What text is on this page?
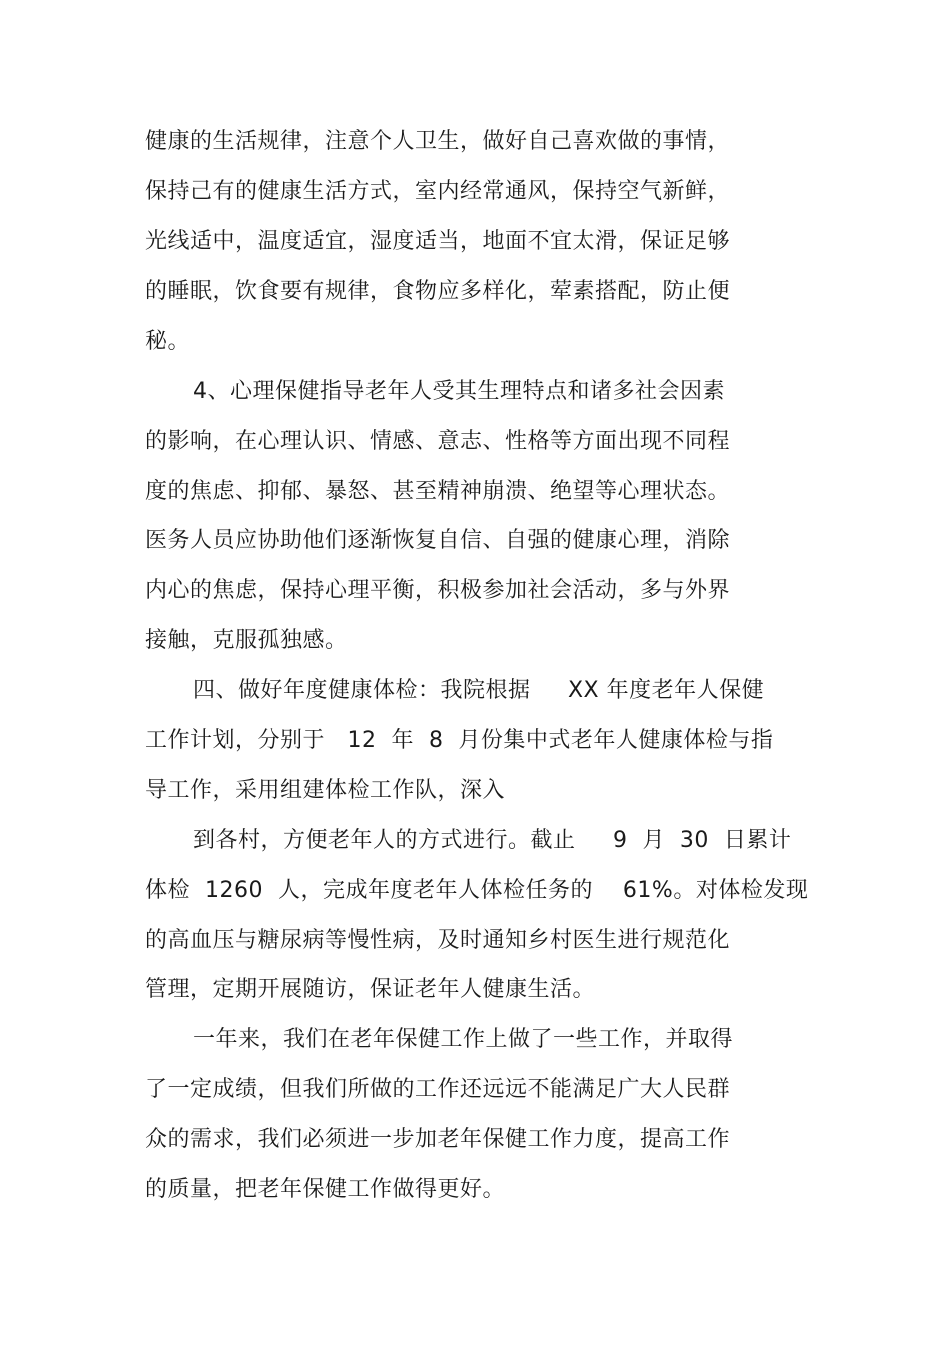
健康的生活规律，注意个人卫生，做好自己喜欢做的事情，
保持己有的健康生活方式，室内经常通风，保持空气新鲜，
光线适中，温度适宜，湿度适当，地面不宜太滑，保证足够
的睡眠，饮食要有规律，食物应多样化，荤素搭配，防止便
秘。
4、心理保健指导老年人受其生理特点和诸多社会因素
的影响，在心理认识、情感、意志、性格等方面出现不同程
度的焦虑、抑郁、暴怒、甚至精神崩溃、绝望等心理状态。
医务人员应协助他们逐渐恢复自信、自强的健康心理，消除
内心的焦虑，保持心理平衡，积极参加社会活动，多与外界
接触，克服孤独感。
四、做好年度健康体检：我院根据     XX 年度老年人保健
工作计划，分别于   12  年  8  月份集中式老年人健康体检与指
导工作，采用组建体检工作队，深入
到各村，方便老年人的方式进行。截止     9  月  30  日累计
体检  1260  人，完成年度老年人体检任务的    61%。对体检发现
的高血压与糖尿病等慢性病，及时通知乡村医生进行规范化
管理，定期开展随访，保证老年人健康生活。
一年来，我们在老年保健工作上做了一些工作，并取得
了一定成绩，但我们所做的工作还远远不能满足广大人民群
众的需求，我们必须进一步加老年保健工作力度，提高工作
的质量，把老年保健工作做得更好。
